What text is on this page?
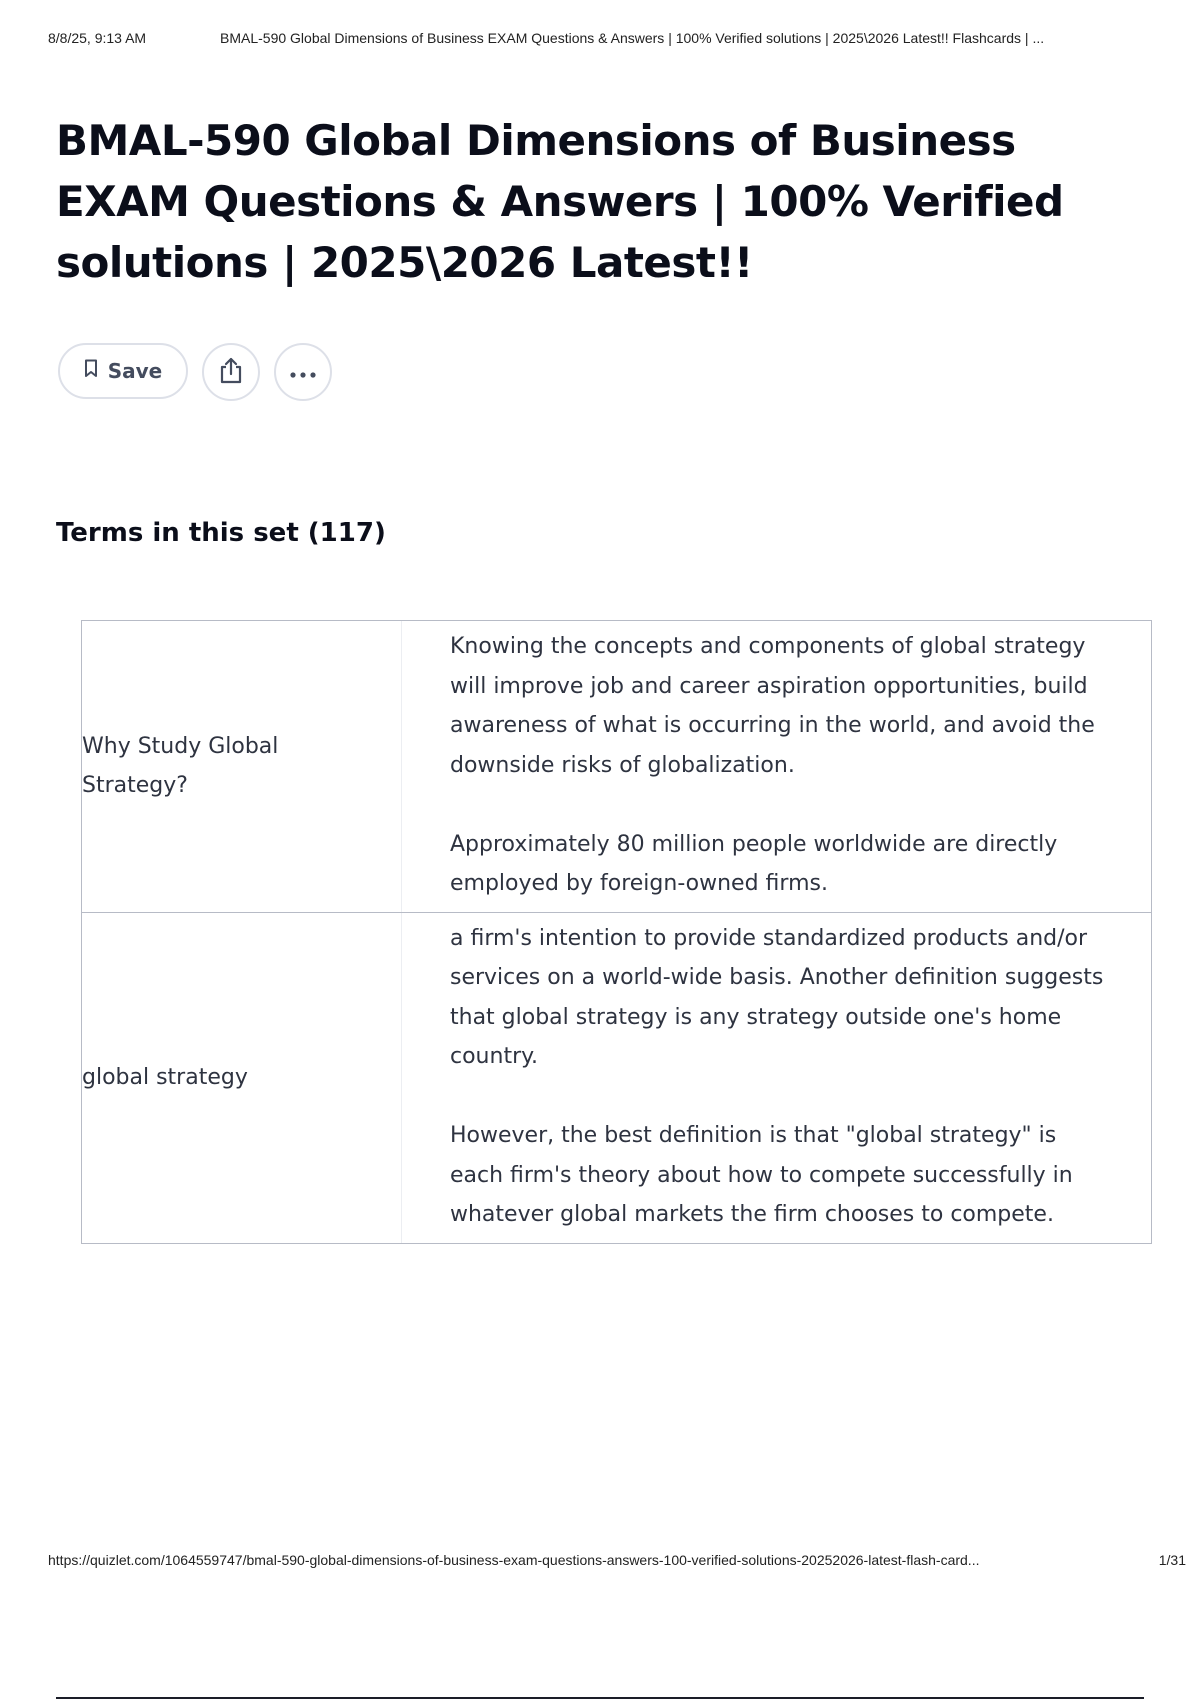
8/8/25, 9:13 AM	BMAL-590 Global Dimensions of Business EXAM Questions & Answers | 100% Verified solutions | 2025\2026 Latest!! Flashcards | ...
BMAL-590 Global Dimensions of Business EXAM Questions & Answers | 100% Verified solutions | 2025\2026 Latest!!
Save
Terms in this set (117)
Why Study Global Strategy?

Knowing the concepts and components of global strategy will improve job and career aspiration opportunities, build awareness of what is occurring in the world, and avoid the downside risks of globalization.

Approximately 80 million people worldwide are directly employed by foreign-owned firms.

global strategy

a firm's intention to provide standardized products and/or services on a world-wide basis. Another definition suggests that global strategy is any strategy outside one's home country.

However, the best definition is that "global strategy" is each firm's theory about how to compete successfully in whatever global markets the firm chooses to compete.

https://quizlet.com/1064559747/bmal-590-global-dimensions-of-business-exam-questions-answers-100-verified-solutions-20252026-latest-flash-card...	1/31
